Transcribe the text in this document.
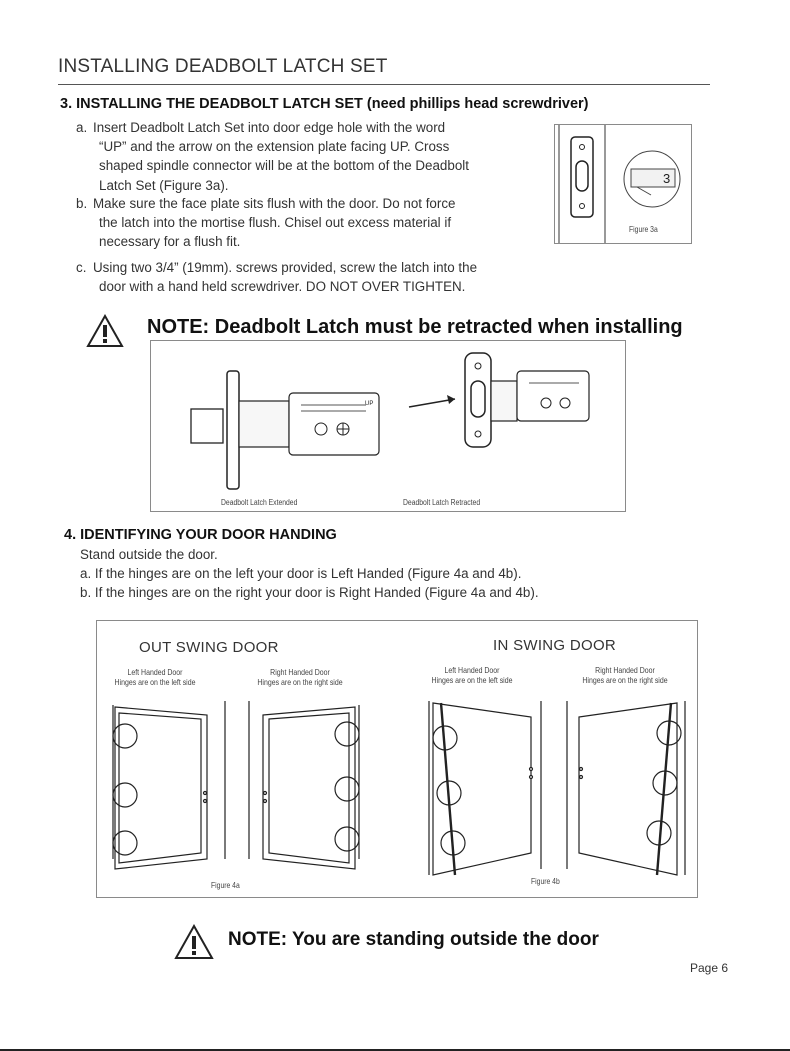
INSTALLING DEADBOLT LATCH SET
3. INSTALLING THE DEADBOLT LATCH SET (need phillips head screwdriver)
a. Insert Deadbolt Latch Set into door edge hole with the word
“UP” and the arrow on the extension plate facing UP. Cross
shaped spindle connector will be at the bottom of the Deadbolt
Latch Set (Figure 3a).
b. Make sure the face plate sits flush with the door. Do not force
the latch into the mortise flush. Chisel out excess material if
necessary for a flush fit.
c. Using two 3/4” (19mm). screws provided, screw the latch into the
door with a hand held screwdriver. DO NOT OVER TIGHTEN.
3
Figure 3a
NOTE: Deadbolt Latch must be retracted when installing
UP
Deadbolt Latch Extended	Deadbolt Latch Retracted
4. IDENTIFYING YOUR DOOR HANDING
Stand outside the door.
a. If the hinges are on the left your door is Left Handed (Figure 4a and 4b).
b. If the hinges are on the right your door is Right Handed (Figure 4a and 4b).
OUT SWING DOOR	IN SWING DOOR
Left Handed Door
Hinges are on the left side
Right Handed Door
Hinges are on the right side
Left Handed Door
Hinges are on the left side
Right Handed Door
Hinges are on the right side
Figure 4a	Figure 4b
NOTE: You are standing outside the door
Page 6
